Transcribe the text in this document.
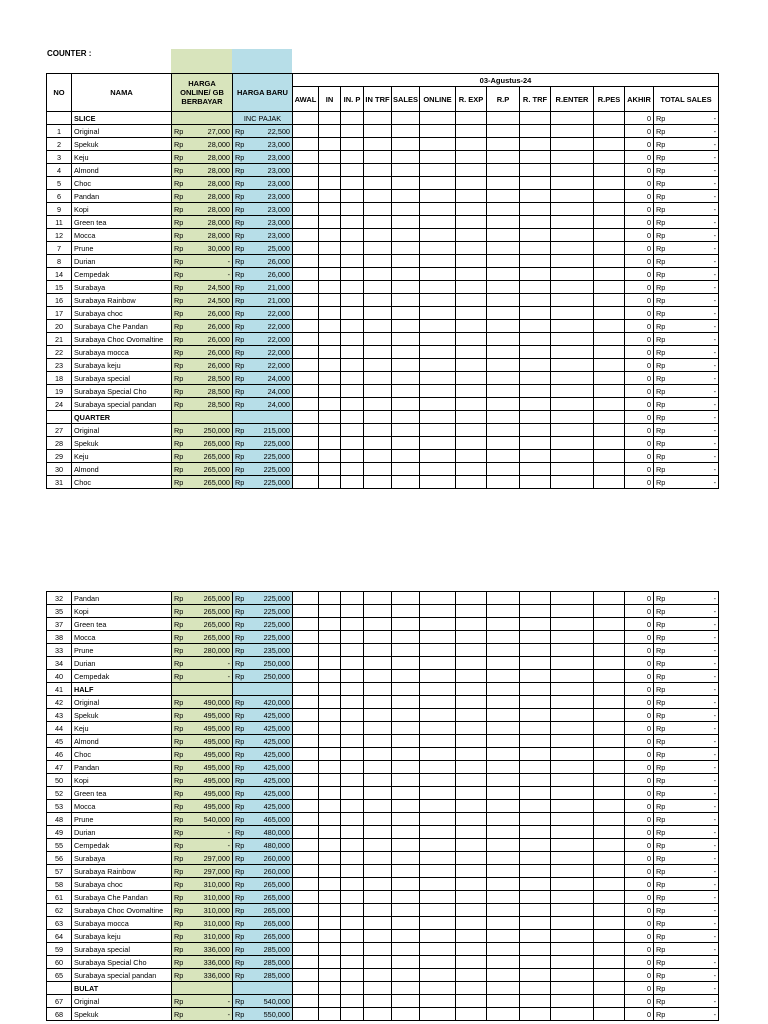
COUNTER :
NO	NAMA	HARGA ONLINE/ GB BERBAYAR	HARGA BARU	03-Agustus-24												
				AWAL	IN	IN. P	IN TRF	SALES	ONLINE	R. EXP	R.P	R. TRF	R.ENTER	R.PES	AKHIR	TOTAL SALES
	SLICE		INC PAJAK												0	Rp -

1	Original	Rp 27,000	Rp 22,500												0	Rp -

2	Spekuk	Rp 28,000	Rp 23,000												0	Rp -

3	Keju	Rp 28,000	Rp 23,000												0	Rp -

4	Almond	Rp 28,000	Rp 23,000												0	Rp -

5	Choc	Rp 28,000	Rp 23,000												0	Rp -

6	Pandan	Rp 28,000	Rp 23,000												0	Rp -

9	Kopi	Rp 28,000	Rp 23,000												0	Rp -

11	Green tea	Rp 28,000	Rp 23,000												0	Rp -

12	Mocca	Rp 28,000	Rp 23,000												0	Rp -

7	Prune	Rp 30,000	Rp 25,000												0	Rp -

8	Durian	Rp -	Rp 26,000												0	Rp -

14	Cempedak	Rp -	Rp 26,000												0	Rp -

15	Surabaya	Rp 24,500	Rp 21,000												0	Rp -

16	Surabaya Rainbow	Rp 24,500	Rp 21,000												0	Rp -

17	Surabaya choc	Rp 26,000	Rp 22,000												0	Rp -

20	Surabaya Che Pandan	Rp 26,000	Rp 22,000												0	Rp -

21	Surabaya Choc Ovomaltine	Rp 26,000	Rp 22,000												0	Rp -

22	Surabaya mocca	Rp 26,000	Rp 22,000												0	Rp -

23	Surabaya keju	Rp 26,000	Rp 22,000												0	Rp -

18	Surabaya special	Rp 28,500	Rp 24,000												0	Rp -

19	Surabaya Special Cho	Rp 28,500	Rp 24,000												0	Rp -

24	Surabaya special pandan	Rp 28,500	Rp 24,000												0	Rp -

	QUARTER														0	Rp -

27	Original	Rp 250,000	Rp 215,000												0	Rp -

28	Spekuk	Rp 265,000	Rp 225,000												0	Rp -

29	Keju	Rp 265,000	Rp 225,000												0	Rp -

30	Almond	Rp 265,000	Rp 225,000												0	Rp -

31	Choc	Rp 265,000	Rp 225,000												0	Rp -
32	Pandan	Rp 265,000	Rp 225,000												0	Rp -

35	Kopi	Rp 265,000	Rp 225,000												0	Rp -

37	Green tea	Rp 265,000	Rp 225,000												0	Rp -

38	Mocca	Rp 265,000	Rp 225,000												0	Rp -

33	Prune	Rp 280,000	Rp 235,000												0	Rp -

34	Durian	Rp -	Rp 250,000												0	Rp -

40	Cempedak	Rp -	Rp 250,000												0	Rp -

41	HALF														0	Rp -

42	Original	Rp 490,000	Rp 420,000												0	Rp -

43	Spekuk	Rp 495,000	Rp 425,000												0	Rp -

44	Keju	Rp 495,000	Rp 425,000												0	Rp -

45	Almond	Rp 495,000	Rp 425,000												0	Rp -

46	Choc	Rp 495,000	Rp 425,000												0	Rp -

47	Pandan	Rp 495,000	Rp 425,000												0	Rp -

50	Kopi	Rp 495,000	Rp 425,000												0	Rp -

52	Green tea	Rp 495,000	Rp 425,000												0	Rp -

53	Mocca	Rp 495,000	Rp 425,000												0	Rp -

48	Prune	Rp 540,000	Rp 465,000												0	Rp -

49	Durian	Rp -	Rp 480,000												0	Rp -

55	Cempedak	Rp -	Rp 480,000												0	Rp -

56	Surabaya	Rp 297,000	Rp 260,000												0	Rp -

57	Surabaya Rainbow	Rp 297,000	Rp 260,000												0	Rp -

58	Surabaya choc	Rp 310,000	Rp 265,000												0	Rp -

61	Surabaya Che Pandan	Rp 310,000	Rp 265,000												0	Rp -

62	Surabaya Choc Ovomaltine	Rp 310,000	Rp 265,000												0	Rp -

63	Surabaya mocca	Rp 310,000	Rp 265,000												0	Rp -

64	Surabaya keju	Rp 310,000	Rp 265,000												0	Rp -

59	Surabaya special	Rp 336,000	Rp 285,000												0	Rp -

60	Surabaya Special Cho	Rp 336,000	Rp 285,000												0	Rp -

65	Surabaya special pandan	Rp 336,000	Rp 285,000												0	Rp -

	BULAT														0	Rp -

67	Original	Rp -	Rp 540,000												0	Rp -

68	Spekuk	Rp -	Rp 550,000												0	Rp -
